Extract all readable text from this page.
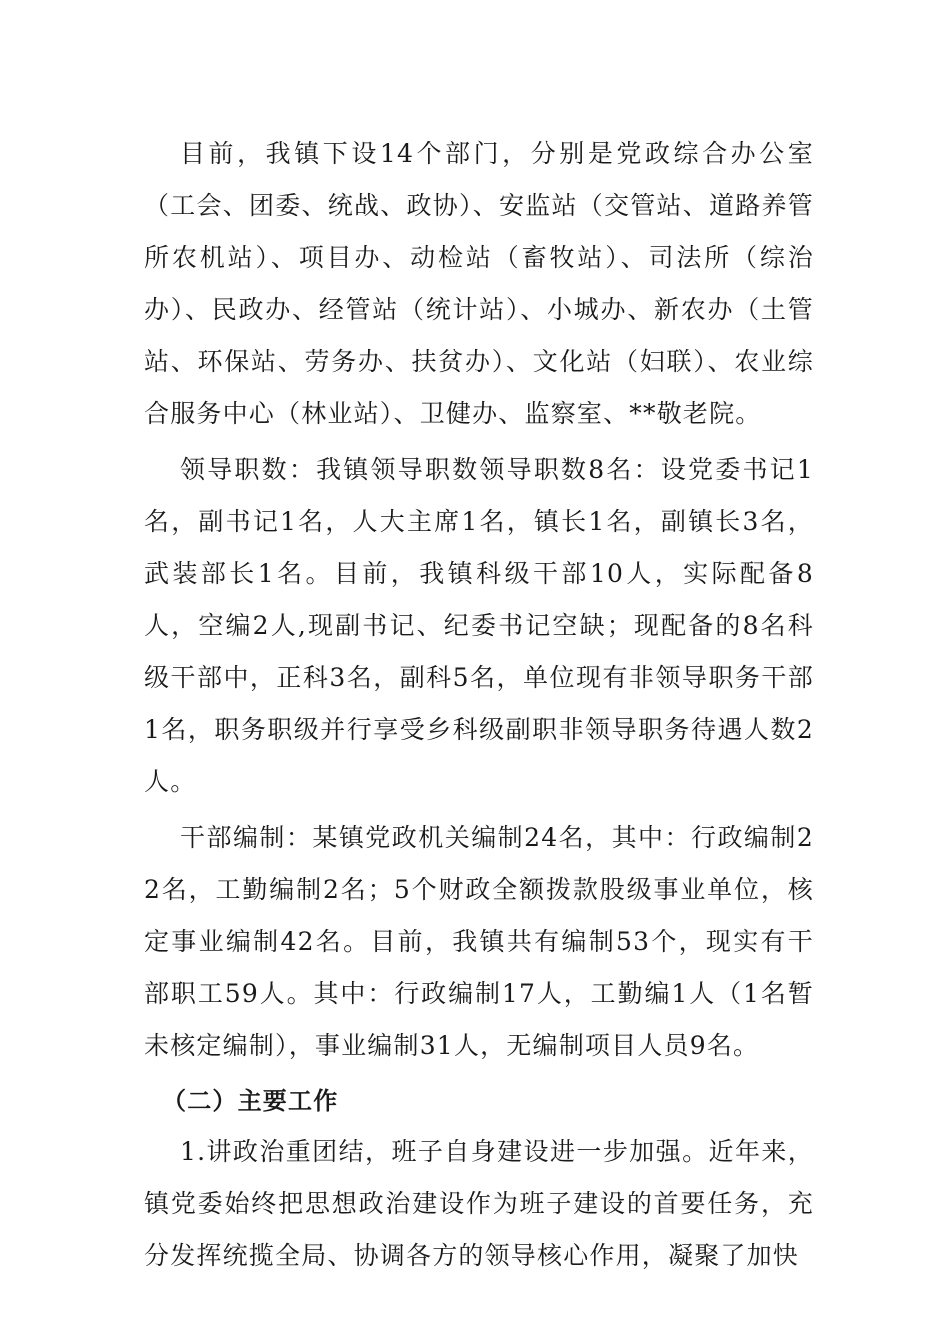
目前，我镇下设14个部门，分别是党政综合办公室（工会、团委、统战、政协）、安监站（交管站、道路养管所农机站）、项目办、动检站（畜牧站）、司法所（综治办）、民政办、经管站（统计站）、小城办、新农办（土管站、环保站、劳务办、扶贫办）、文化站（妇联）、农业综合服务中心（林业站）、卫健办、监察室、**敬老院。

领导职数：我镇领导职数领导职数8名：设党委书记1名，副书记1名，人大主席1名，镇长1名，副镇长3名，武装部长1名。目前，我镇科级干部10人，实际配备8人，空编2人,现副书记、纪委书记空缺；现配备的8名科级干部中，正科3名，副科5名，单位现有非领导职务干部1名，职务职级并行享受乡科级副职非领导职务待遇人数2人。

干部编制：某镇党政机关编制24名，其中：行政编制22名，工勤编制2名；5个财政全额拨款股级事业单位，核定事业编制42名。目前，我镇共有编制53个，现实有干部职工59人。其中：行政编制17人，工勤编1人（1名暂未核定编制），事业编制31人，无编制项目人员9名。

（二）主要工作

1.讲政治重团结，班子自身建设进一步加强。近年来，镇党委始终把思想政治建设作为班子建设的首要任务，充分发挥统揽全局、协调各方的领导核心作用，凝聚了加快
